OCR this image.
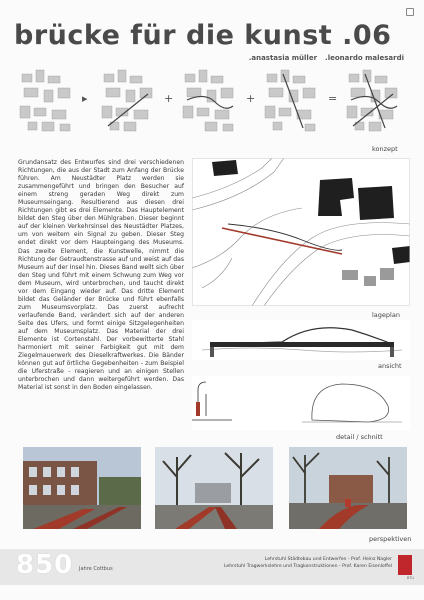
brücke für die kunst .06
.anastasia müller .leonardo malesardi
▸	+	+	=
konzept

Grundansatz des Entwurfes sind drei verschiedenen Richtungen, die aus der Stadt zum Anfang der Brücke führen. Am Neustädter Platz werden sie zusammengeführt und bringen den Besucher auf einem streng geraden Weg direkt zum Museumseingang. Resultierend aus diesen drei Richtungen gibt es drei Elemente. Das Hauptelement bildet den Steg über den Mühlgraben. Dieser beginnt auf der kleinen Verkehrsinsel des Neustädter Platzes, um von weitem ein Signal zu geben. Dieser Steg endet direkt vor dem Haupteingang des Museums. Das zweite Element, die Kunstwelle, nimmt die Richtung der Getraudtenstrasse auf und weist auf das Museum auf der Insel hin. Dieses Band wellt sich über den Steg und führt mit einem Schwung zum Weg vor dem Museum, wird unterbrochen, und taucht direkt vor dem Eingang wieder auf. Das dritte Element bildet das Geländer der Brücke und führt ebenfalls zum Museumsvorplatz. Das zuerst aufrecht verlaufende Band, verändert sich auf der anderen Seite des Ufers, und formt einige Sitzgelegenheiten auf dem Museumsplatz. Das Material der drei Elemente ist Cortenstahl. Der vorbewitterte Stahl harmoniert mit seiner Farbigkeit gut mit dem Ziegelmauerwerk des Dieselkraftwerkes. Die Bänder können gut auf örtliche Gegebenheiten - zum Beispiel die Uferstraße - reagieren und an einigen Stellen unterbrochen und dann weitergeführt werden. Das Material ist sonst in den Boden eingelassen.

lageplan
ansicht
detail / schnitt
perspektiven
850 Jahre Cottbus
Lehrstuhl Städtebau und Entwerfen - Prof. Heinz Nagler
Lehrstuhl Tragwerkslehre und Tragkonstruktionen - Prof. Karen Eisenloffel
BTU
